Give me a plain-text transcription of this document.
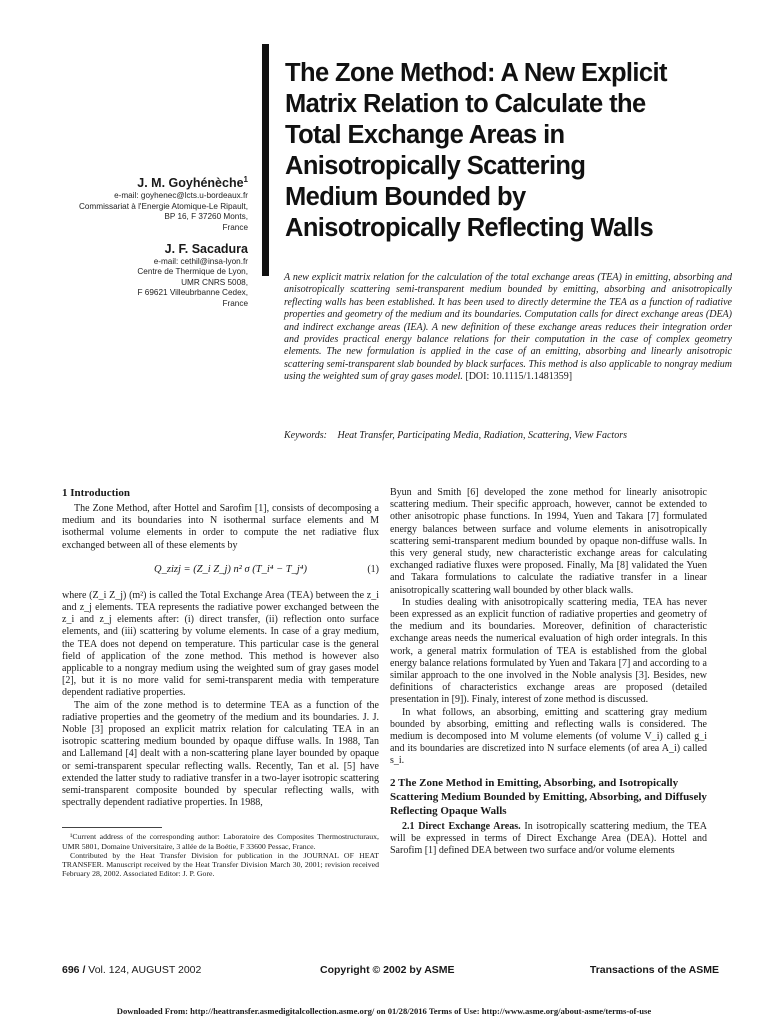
J. M. Goyhénèche$^1$
e-mail: goyhenec@lcts.u-bordeaux.fr
Commissariat à l'Energie Atomique-Le Ripault,
BP 16, F 37260 Monts,
France
J. F. Sacadura
e-mail: cethil@insa-lyon.fr
Centre de Thermique de Lyon,
UMR CNRS 5008,
F 69621 Villeubrbanne Cedex,
France
The Zone Method: A New Explicit
Matrix Relation to Calculate the
Total Exchange Areas in
Anisotropically Scattering
Medium Bounded by
Anisotropically Reflecting Walls
A new explicit matrix relation for the calculation of the total exchange areas (TEA) in emitting, absorbing and anisotropically scattering semi-transparent medium bounded by emitting, absorbing and anisotropically reflecting walls has been established. It has been used to directly determine the TEA as a function of radiative properties and geometry of the medium and its boundaries. Computation calls for direct exchange areas (DEA) and indirect exchange areas (IEA). A new definition of these exchange areas reduces their integration order and provides practical energy balance relations for their computation in the case of complex geometry elements. The new formulation is applied in the case of an emitting, absorbing and linearly anisotropic scattering semi-transparent slab bounded by black surfaces. This method is also applicable to nongray medium using the weighted sum of gray gases model. [DOI: 10.1115/1.1481359]
Keywords: Heat Transfer, Participating Media, Radiation, Scattering, View Factors
1 Introduction

The Zone Method, after Hottel and Sarofim [1], consists of decomposing a medium and its boundaries into N isothermal surface elements and M isothermal volume elements in order to compute the net radiative flux exchanged between all of these elements by

Q_zizj = (Z_i Z_j) n² σ (T_i⁴ − T_j⁴)	(1)

where (Z_i Z_j) (m²) is called the Total Exchange Area (TEA) between the z_i and z_j elements. TEA represents the radiative power exchanged between the z_i and z_j elements after: (i) direct transfer, (ii) reflection onto surface elements, and (iii) scattering by volume elements. In case of a gray medium, the TEA does not depend on temperature. This particular case is the general field of application of the zone method. This method is however also applicable to a nongray medium using the weighted sum of gray gases model [2], but it is no more valid for semi-transparent media with temperature dependent radiative properties.

The aim of the zone method is to determine TEA as a function of the radiative properties and the geometry of the medium and its boundaries. J. J. Noble [3] proposed an explicit matrix relation for calculating TEA in an isotropic scattering medium bounded by opaque diffuse walls. In 1988, Tan and Lallemand [4] dealt with a non-scattering plane layer bounded by opaque or semi-transparent specular reflecting walls. Recently, Tan et al. [5] have extended the latter study to radiative transfer in a two-layer isotropic scattering semi-transparent composite bounded by specular reflecting walls, with spectrally dependent radiative properties. In 1988,

¹Current address of the corresponding author: Laboratoire des Composites Thermostructuraux, UMR 5801, Domaine Universitaire, 3 allée de la Boétie, F 33600 Pessac, France.

Contributed by the Heat Transfer Division for publication in the JOURNAL OF HEAT TRANSFER. Manuscript received by the Heat Transfer Division March 30, 2001; revision received February 28, 2002. Associated Editor: J. P. Gore.

Byun and Smith [6] developed the zone method for linearly anisotropic scattering medium. Their specific approach, however, cannot be extended to other anisotropic phase functions. In 1994, Yuen and Takara [7] formulated energy balances between surface and volume elements in anisotropically scattering semi-transparent medium bounded by opaque non-diffuse walls. In this very general study, new characteristic exchange areas for calculating exchanged radiative fluxes were proposed. Finally, Ma [8] validated the Yuen and Takara formulations to calculate the radiative transfer in a linear anisotropically scattering wall bounded by other black walls.

In studies dealing with anisotropically scattering media, TEA has never been expressed as an explicit function of radiative properties and geometry of the medium and its boundaries. Moreover, definition of characteristic exchange areas needs the numerical evaluation of high order integrals. In this work, a general matrix formulation of TEA is established from the global energy balance relations formulated by Yuen and Takara [7] and according to a similar approach to the one involved in the Noble analysis [3]. Besides, new definitions of characteristics exchange areas are proposed (detailed presentation in [9]). Finaly, interest of zone method is discussed.

In what follows, an absorbing, emitting and scattering gray medium bounded by absorbing, emitting and reflecting walls is considered. The medium is decomposed into M volume elements (of volume V_i) called g_i and its boundaries are discretized into N surface elements (of area A_i) called s_i.

2 The Zone Method in Emitting, Absorbing, and Isotropically Scattering Medium Bounded by Emitting, Absorbing, and Diffusely Reflecting Opaque Walls

2.1 Direct Exchange Areas. In isotropically scattering medium, the TEA will be expressed in terms of Direct Exchange Area (DEA). Hottel and Sarofim [1] defined DEA between two surface and/or volume elements

696 / Vol. 124, AUGUST 2002	Copyright © 2002 by ASME	Transactions of the ASME
Downloaded From: http://heattransfer.asmedigitalcollection.asme.org/ on 01/28/2016 Terms of Use: http://www.asme.org/about-asme/terms-of-use
